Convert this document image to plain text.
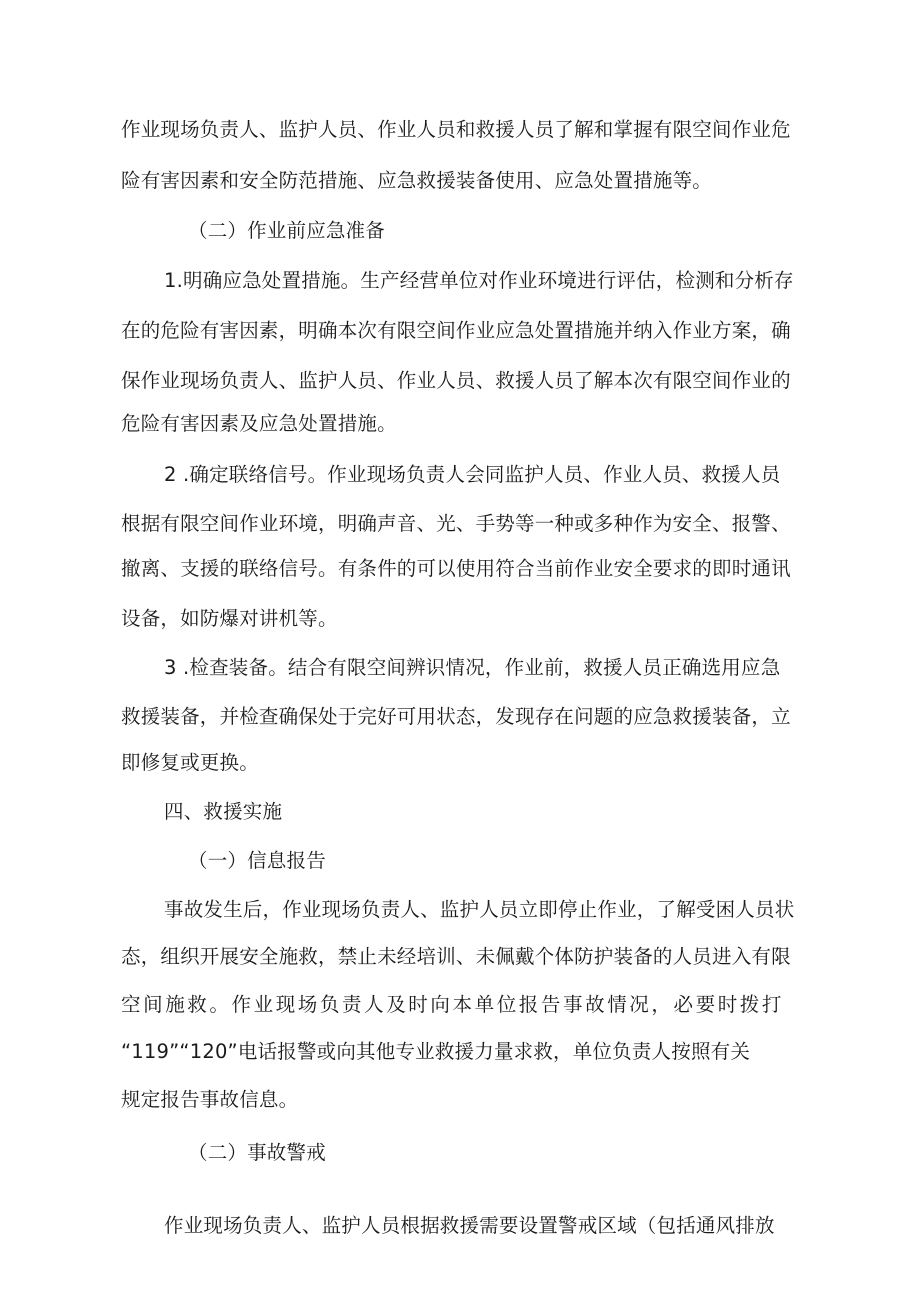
作业现场负责人、监护人员、作业人员和救援人员了解和掌握有限空间作业危
险有害因素和安全防范措施、应急救援装备使用、应急处置措施等。
（二）作业前应急准备
1.明确应急处置措施。生产经营单位对作业环境进行评估，检测和分析存
在的危险有害因素，明确本次有限空间作业应急处置措施并纳入作业方案，确
保作业现场负责人、监护人员、作业人员、救援人员了解本次有限空间作业的
危险有害因素及应急处置措施。
2 .确定联络信号。作业现场负责人会同监护人员、作业人员、救援人员
根据有限空间作业环境，明确声音、光、手势等一种或多种作为安全、报警、
撤离、支援的联络信号。有条件的可以使用符合当前作业安全要求的即时通讯
设备，如防爆对讲机等。
3 .检查装备。结合有限空间辨识情况，作业前，救援人员正确选用应急
救援装备，并检查确保处于完好可用状态，发现存在问题的应急救援装备，立
即修复或更换。
四、救援实施
（一）信息报告
事故发生后，作业现场负责人、监护人员立即停止作业，了解受困人员状
态，组织开展安全施救，禁止未经培训、未佩戴个体防护装备的人员进入有限
空间施救。作业现场负责人及时向本单位报告事故情况，必要时拨打
“119”“120”电话报警或向其他专业救援力量求救，单位负责人按照有关
规定报告事故信息。
（二）事故警戒
作业现场负责人、监护人员根据救援需要设置警戒区域（包括通风排放
